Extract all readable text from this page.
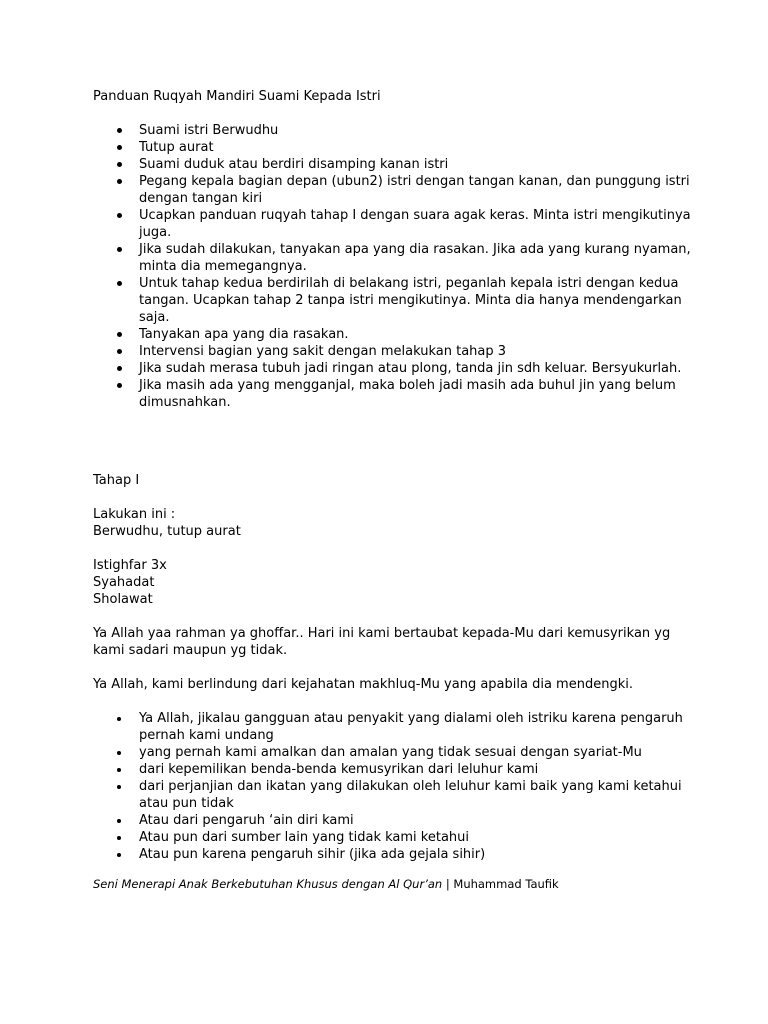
Panduan Ruqyah Mandiri Suami Kepada Istri
Suami istri Berwudhu
Tutup aurat
Suami duduk atau berdiri disamping kanan istri
Pegang kepala bagian depan (ubun2) istri dengan tangan kanan, dan punggung istri dengan tangan kiri
Ucapkan panduan ruqyah tahap I dengan suara agak keras. Minta istri mengikutinya juga.
Jika sudah dilakukan, tanyakan apa yang dia rasakan. Jika ada yang kurang nyaman, minta dia memegangnya.
Untuk tahap kedua berdirilah di belakang istri, peganlah kepala istri dengan kedua tangan. Ucapkan tahap 2 tanpa istri mengikutinya. Minta dia hanya mendengarkan saja.
Tanyakan apa yang dia rasakan.
Intervensi bagian yang sakit dengan melakukan tahap 3
Jika sudah merasa tubuh jadi ringan atau plong, tanda jin sdh keluar. Bersyukurlah.
Jika masih ada yang mengganjal, maka boleh jadi masih ada buhul jin yang belum dimusnahkan.

Tahap I

Lakukan ini :

Berwudhu, tutup aurat

Istighfar 3x

Syahadat

Sholawat

Ya Allah yaa rahman ya ghoffar.. Hari ini kami bertaubat kepada-Mu dari kemusyrikan yg kami sadari maupun yg tidak.

Ya Allah, kami berlindung dari kejahatan makhluq-Mu yang apabila dia mendengki.

Ya Allah, jikalau gangguan atau penyakit yang dialami oleh istriku karena pengaruh pernah kami undang
yang pernah kami amalkan dan amalan yang tidak sesuai dengan syariat-Mu
dari kepemilikan benda-benda kemusyrikan dari leluhur kami
dari perjanjian dan ikatan yang dilakukan oleh leluhur kami baik yang kami ketahui atau pun tidak
Atau dari pengaruh ‘ain diri kami
Atau pun dari sumber lain yang tidak kami ketahui
Atau pun karena pengaruh sihir (jika ada gejala sihir)
Seni Menerapi Anak Berkebutuhan Khusus dengan Al Qur’an | Muhammad Taufik
